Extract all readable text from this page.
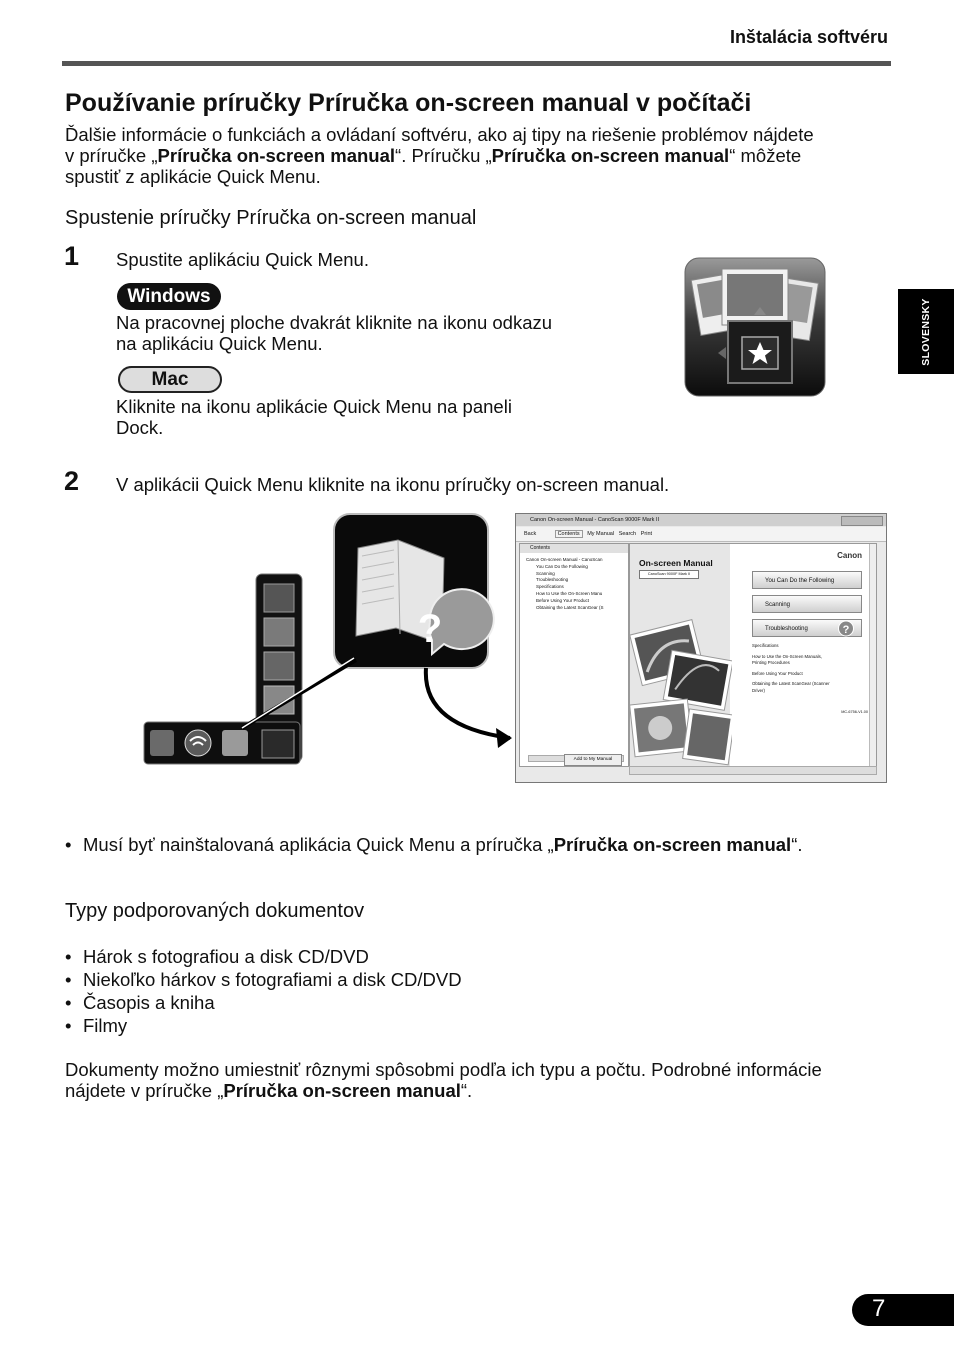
Inštalácia softvéru
SLOVENSKY
Používanie príručky Príručka on-screen manual v počítači
Ďalšie informácie o funkciách a ovládaní softvéru, ako aj tipy na riešenie problémov nájdete
v príručke „Príručka on-screen manual“. Príručku „Príručka on-screen manual“ môžete
spustiť z aplikácie Quick Menu.
Spustenie príručky Príručka on-screen manual
1 Spustite aplikáciu Quick Menu.
Windows
Na pracovnej ploche dvakrát kliknite na ikonu odkazu
na aplikáciu Quick Menu.
Mac
Kliknite na ikonu aplikácie Quick Menu na paneli
Dock.
2 V aplikácii Quick Menu kliknite na ikonu príručky on-screen manual.
?
Canon On-screen Manual - CanoScan 9000F Mark II
Back	Contents My Manual Search Print
Contents
Canon On-screen Manual - CanoScan
You Can Do the Following
Scanning
Troubleshooting
Specifications
How to Use the On-Screen Manu
Before Using Your Product
Obtaining the Latest ScanGear (S
Add to My Manual
On-screen Manual
CanoScan 9000F Mark II
Canon
You Can Do the Following
Scanning
Troubleshooting	?
Specifications
How to Use the On-Screen Manuals,
Printing Procedures
Before Using Your Product
Obtaining the Latest ScanGear (Scanner
Driver)
MC-6756-V1.00
• Musí byť nainštalovaná aplikácia Quick Menu a príručka „Príručka on-screen manual“.
Typy podporovaných dokumentov
• Hárok s fotografiou a disk CD/DVD
• Niekoľko hárkov s fotografiami a disk CD/DVD
• Časopis a kniha
• Filmy
Dokumenty možno umiestniť rôznymi spôsobmi podľa ich typu a počtu. Podrobné informácie
nájdete v príručke „Príručka on-screen manual“.
7
